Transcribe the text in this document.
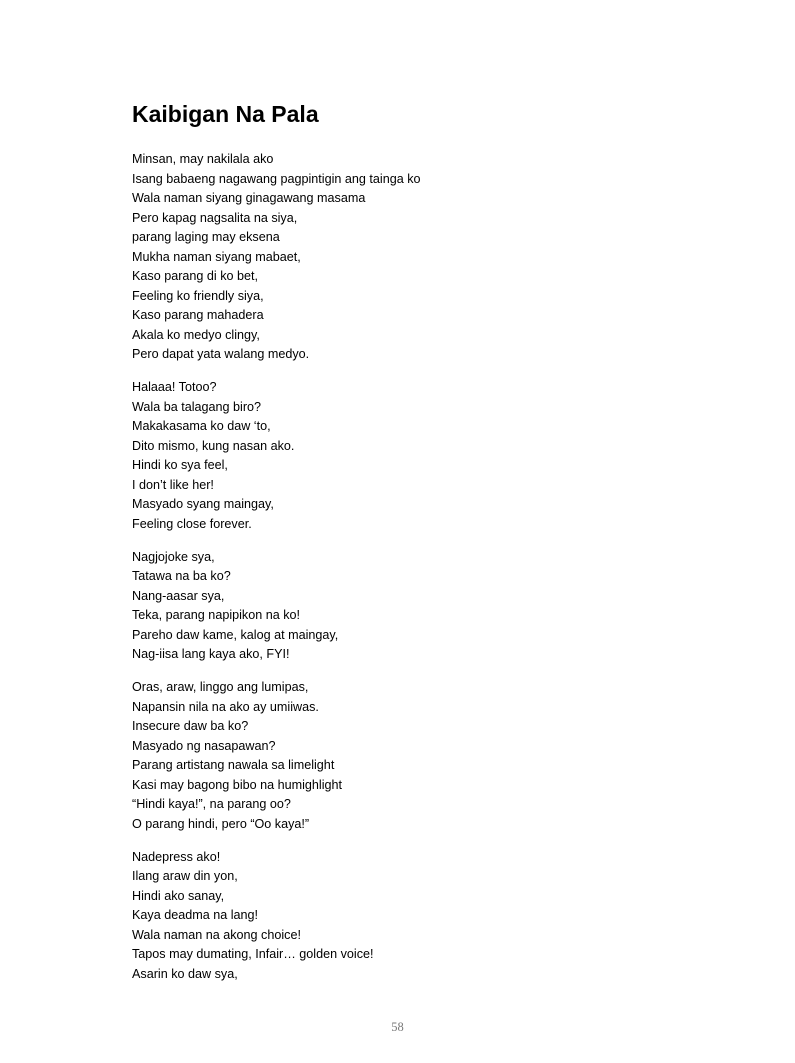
Kaibigan Na Pala
Minsan, may nakilala ako
Isang babaeng nagawang pagpintigin ang tainga ko
Wala naman siyang ginagawang masama
Pero kapag nagsalita na siya,
parang laging may eksena
Mukha naman siyang mabaet,
Kaso parang di ko bet,
Feeling ko friendly siya,
Kaso parang mahadera
Akala ko medyo clingy,
Pero dapat yata walang medyo.
Halaaa! Totoo?
Wala ba talagang biro?
Makakasama ko daw ‘to,
Dito mismo, kung nasan ako.
Hindi ko sya feel,
I don’t like her!
Masyado syang maingay,
Feeling close forever.
Nagjojoke sya,
Tatawa na ba ko?
Nang-aasar sya,
Teka, parang napipikon na ko!
Pareho daw kame, kalog at maingay,
Nag-iisa lang kaya ako, FYI!
Oras, araw, linggo ang lumipas,
Napansin nila na ako ay umiiwas.
Insecure daw ba ko?
Masyado ng nasapawan?
Parang artistang nawala sa limelight
Kasi may bagong bibo na humighlight
“Hindi kaya!”, na parang oo?
O parang hindi, pero “Oo kaya!”
Nadepress ako!
Ilang araw din yon,
Hindi ako sanay,
Kaya deadma na lang!
Wala naman na akong choice!
Tapos may dumating, Infair… golden voice!
Asarin ko daw sya,
58
